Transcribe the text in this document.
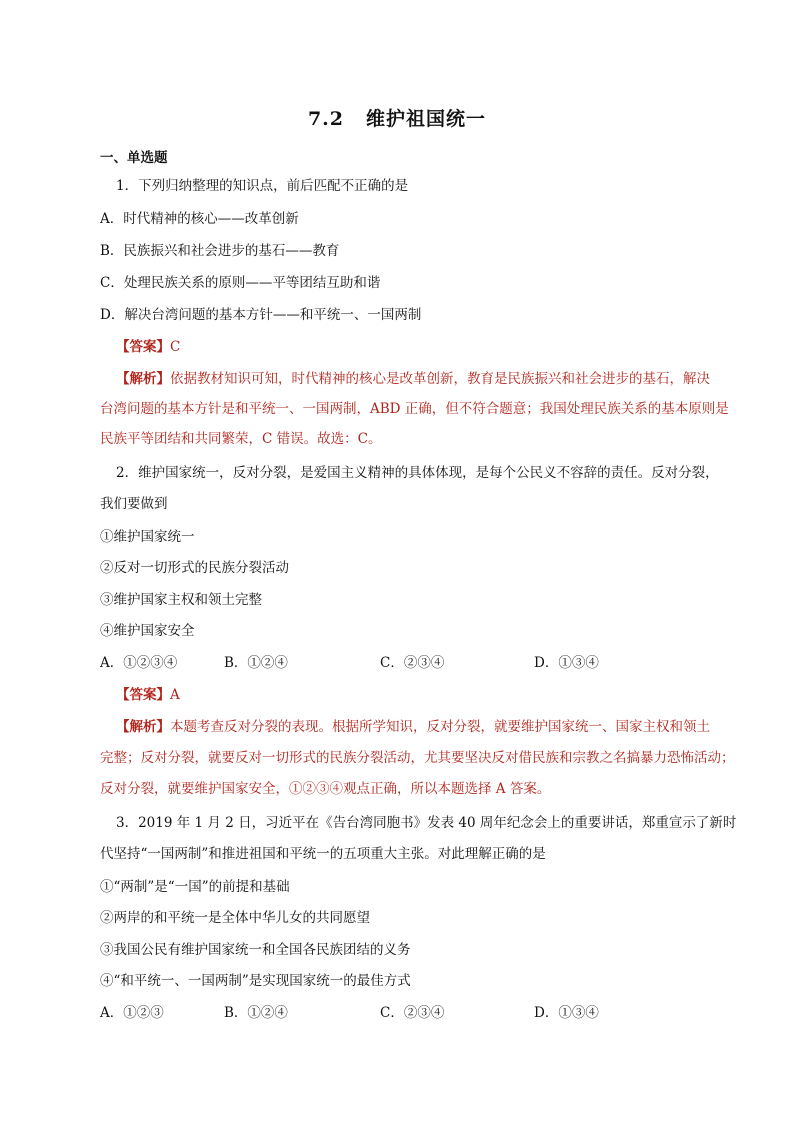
7.2 维护祖国统一
一、单选题
1．下列归纳整理的知识点，前后匹配不正确的是
A．时代精神的核心——改革创新
B．民族振兴和社会进步的基石——教育
C．处理民族关系的原则——平等团结互助和谐
D．解决台湾问题的基本方针——和平统一、一国两制
【答案】C
【解析】依据教材知识可知，时代精神的核心是改革创新，教育是民族振兴和社会进步的基石，解决
台湾问题的基本方针是和平统一、一国两制，ABD 正确，但不符合题意；我国处理民族关系的基本原则是
民族平等团结和共同繁荣，C 错误。故选：C。
2．维护国家统一，反对分裂，是爱国主义精神的具体体现，是每个公民义不容辞的责任。反对分裂，
我们要做到
①维护国家统一
②反对一切形式的民族分裂活动
③维护国家主权和领土完整
④维护国家安全
A．①②③④	B．①②④	C．②③④	D．①③④
【答案】A
【解析】本题考查反对分裂的表现。根据所学知识，反对分裂，就要维护国家统一、国家主权和领土
完整；反对分裂，就要反对一切形式的民族分裂活动，尤其要坚决反对借民族和宗教之名搞暴力恐怖活动；
反对分裂，就要维护国家安全，①②③④观点正确，所以本题选择 A 答案。
3．2019 年 1 月 2 日，习近平在《告台湾同胞书》发表 40 周年纪念会上的重要讲话，郑重宣示了新时
代坚持“一国两制”和推进祖国和平统一的五项重大主张。对此理解正确的是
①“两制”是“一国”的前提和基础
②两岸的和平统一是全体中华儿女的共同愿望
③我国公民有维护国家统一和全国各民族团结的义务
④“和平统一、一国两制”是实现国家统一的最佳方式
A．①②③	B．①②④	C．②③④	D．①③④
